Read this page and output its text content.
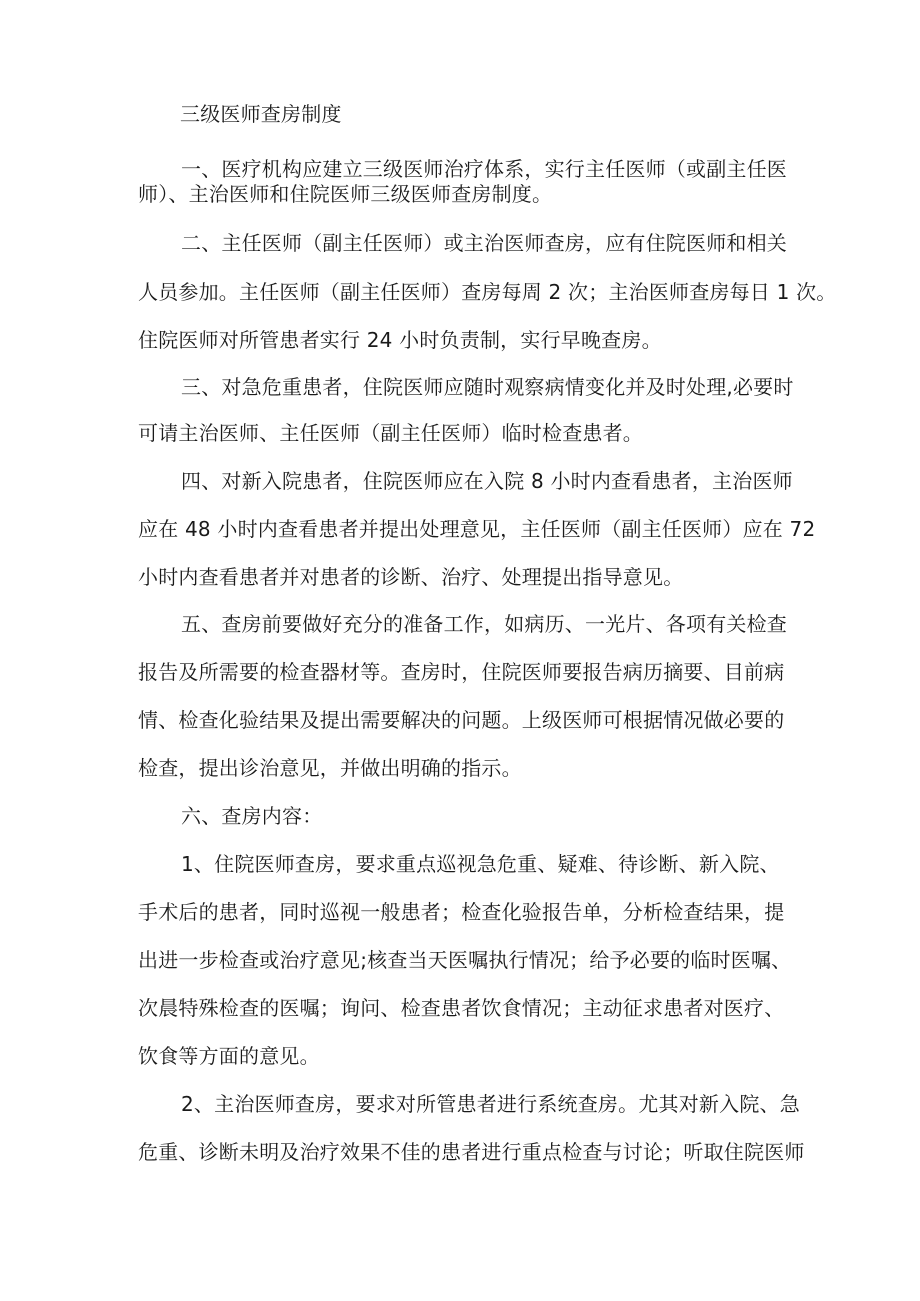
三级医师查房制度
一、医疗机构应建立三级医师治疗体系，实行主任医师（或副主任医
师）、主治医师和住院医师三级医师查房制度。
二、主任医师（副主任医师）或主治医师查房，应有住院医师和相关
人员参加。主任医师（副主任医师）查房每周 2 次；主治医师查房每日 1 次。
住院医师对所管患者实行 24 小时负责制，实行早晚查房。
三、对急危重患者，住院医师应随时观察病情变化并及时处理,必要时
可请主治医师、主任医师（副主任医师）临时检查患者。
四、对新入院患者，住院医师应在入院 8 小时内查看患者，主治医师
应在 48 小时内查看患者并提出处理意见，主任医师（副主任医师）应在 72
小时内查看患者并对患者的诊断、治疗、处理提出指导意见。
五、查房前要做好充分的准备工作，如病历、一光片、各项有关检查
报告及所需要的检查器材等。查房时，住院医师要报告病历摘要、目前病
情、检查化验结果及提出需要解决的问题。上级医师可根据情况做必要的
检查，提出诊治意见，并做出明确的指示。
六、查房内容：
1、住院医师查房，要求重点巡视急危重、疑难、待诊断、新入院、
手术后的患者，同时巡视一般患者；检查化验报告单，分析检查结果，提
出进一步检查或治疗意见;核查当天医嘱执行情况；给予必要的临时医嘱、
次晨特殊检查的医嘱；询问、检查患者饮食情况；主动征求患者对医疗、
饮食等方面的意见。
2、主治医师查房，要求对所管患者进行系统查房。尤其对新入院、急
危重、诊断未明及治疗效果不佳的患者进行重点检查与讨论；听取住院医师
